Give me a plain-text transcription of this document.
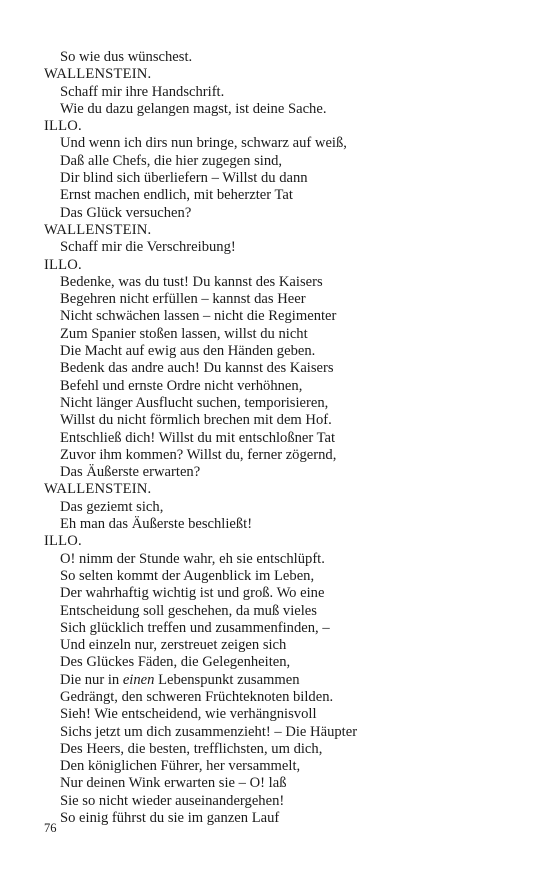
So wie dus wünschest.
WALLENSTEIN.
Schaff mir ihre Handschrift.
Wie du dazu gelangen magst, ist deine Sache.
ILLO.
Und wenn ich dirs nun bringe, schwarz auf weiß,
Daß alle Chefs, die hier zugegen sind,
Dir blind sich überliefern – Willst du dann
Ernst machen endlich, mit beherzter Tat
Das Glück versuchen?
WALLENSTEIN.
Schaff mir die Verschreibung!
ILLO.
Bedenke, was du tust! Du kannst des Kaisers
Begehren nicht erfüllen – kannst das Heer
Nicht schwächen lassen – nicht die Regimenter
Zum Spanier stoßen lassen, willst du nicht
Die Macht auf ewig aus den Händen geben.
Bedenk das andre auch! Du kannst des Kaisers
Befehl und ernste Ordre nicht verhöhnen,
Nicht länger Ausflucht suchen, temporisieren,
Willst du nicht förmlich brechen mit dem Hof.
Entschließ dich! Willst du mit entschloßner Tat
Zuvor ihm kommen? Willst du, ferner zögernd,
Das Äußerste erwarten?
WALLENSTEIN.
Das geziemt sich,
Eh man das Äußerste beschließt!
ILLO.
O! nimm der Stunde wahr, eh sie entschlüpft.
So selten kommt der Augenblick im Leben,
Der wahrhaftig wichtig ist und groß. Wo eine
Entscheidung soll geschehen, da muß vieles
Sich glücklich treffen und zusammenfinden, –
Und einzeln nur, zerstreuet zeigen sich
Des Glückes Fäden, die Gelegenheiten,
Die nur in einen Lebenspunkt zusammen
Gedrängt, den schweren Früchteknoten bilden.
Sieh! Wie entscheidend, wie verhängnisvoll
Sichs jetzt um dich zusammenzieht! – Die Häupter
Des Heers, die besten, trefflichsten, um dich,
Den königlichen Führer, her versammelt,
Nur deinen Wink erwarten sie – O! laß
Sie so nicht wieder auseinandergehen!
So einig führst du sie im ganzen Lauf
76
